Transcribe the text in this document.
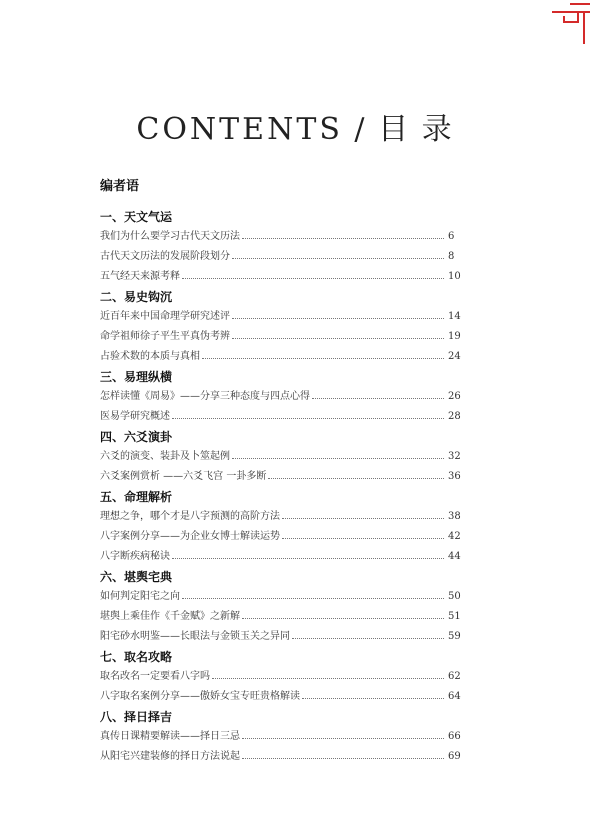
CONTENTS / 目 录
编者语
一、天文气运
我们为什么要学习古代天文历法	6
古代天文历法的发展阶段划分	8
五气经天来源考释	10
二、易史钩沉
近百年来中国命理学研究述评	14
命学祖师徐子平生平真伪考辨	19
占验术数的本质与真相	24
三、易理纵横
怎样读懂《周易》——分享三种态度与四点心得	26
医易学研究概述	28
四、六爻演卦
六爻的演变、装卦及卜筮起例	32
六爻案例赏析 ——六爻飞宫 一卦多断	36
五、命理解析
理想之争，哪个才是八字预测的高阶方法	38
八字案例分享——为企业女博士解读运势	42
八字断疾病秘诀	44
六、堪舆宅典
如何判定阳宅之向	50
堪舆上乘佳作《千金赋》之新解	51
阳宅砂水明鉴——长眼法与金锁玉关之异同	59
七、取名攻略
取名改名一定要看八字吗	62
八字取名案例分享——傲娇女宝专旺贵格解读	64
八、择日择吉
真传日课精要解读——择日三忌	66
从阳宅兴建装修的择日方法说起	69
